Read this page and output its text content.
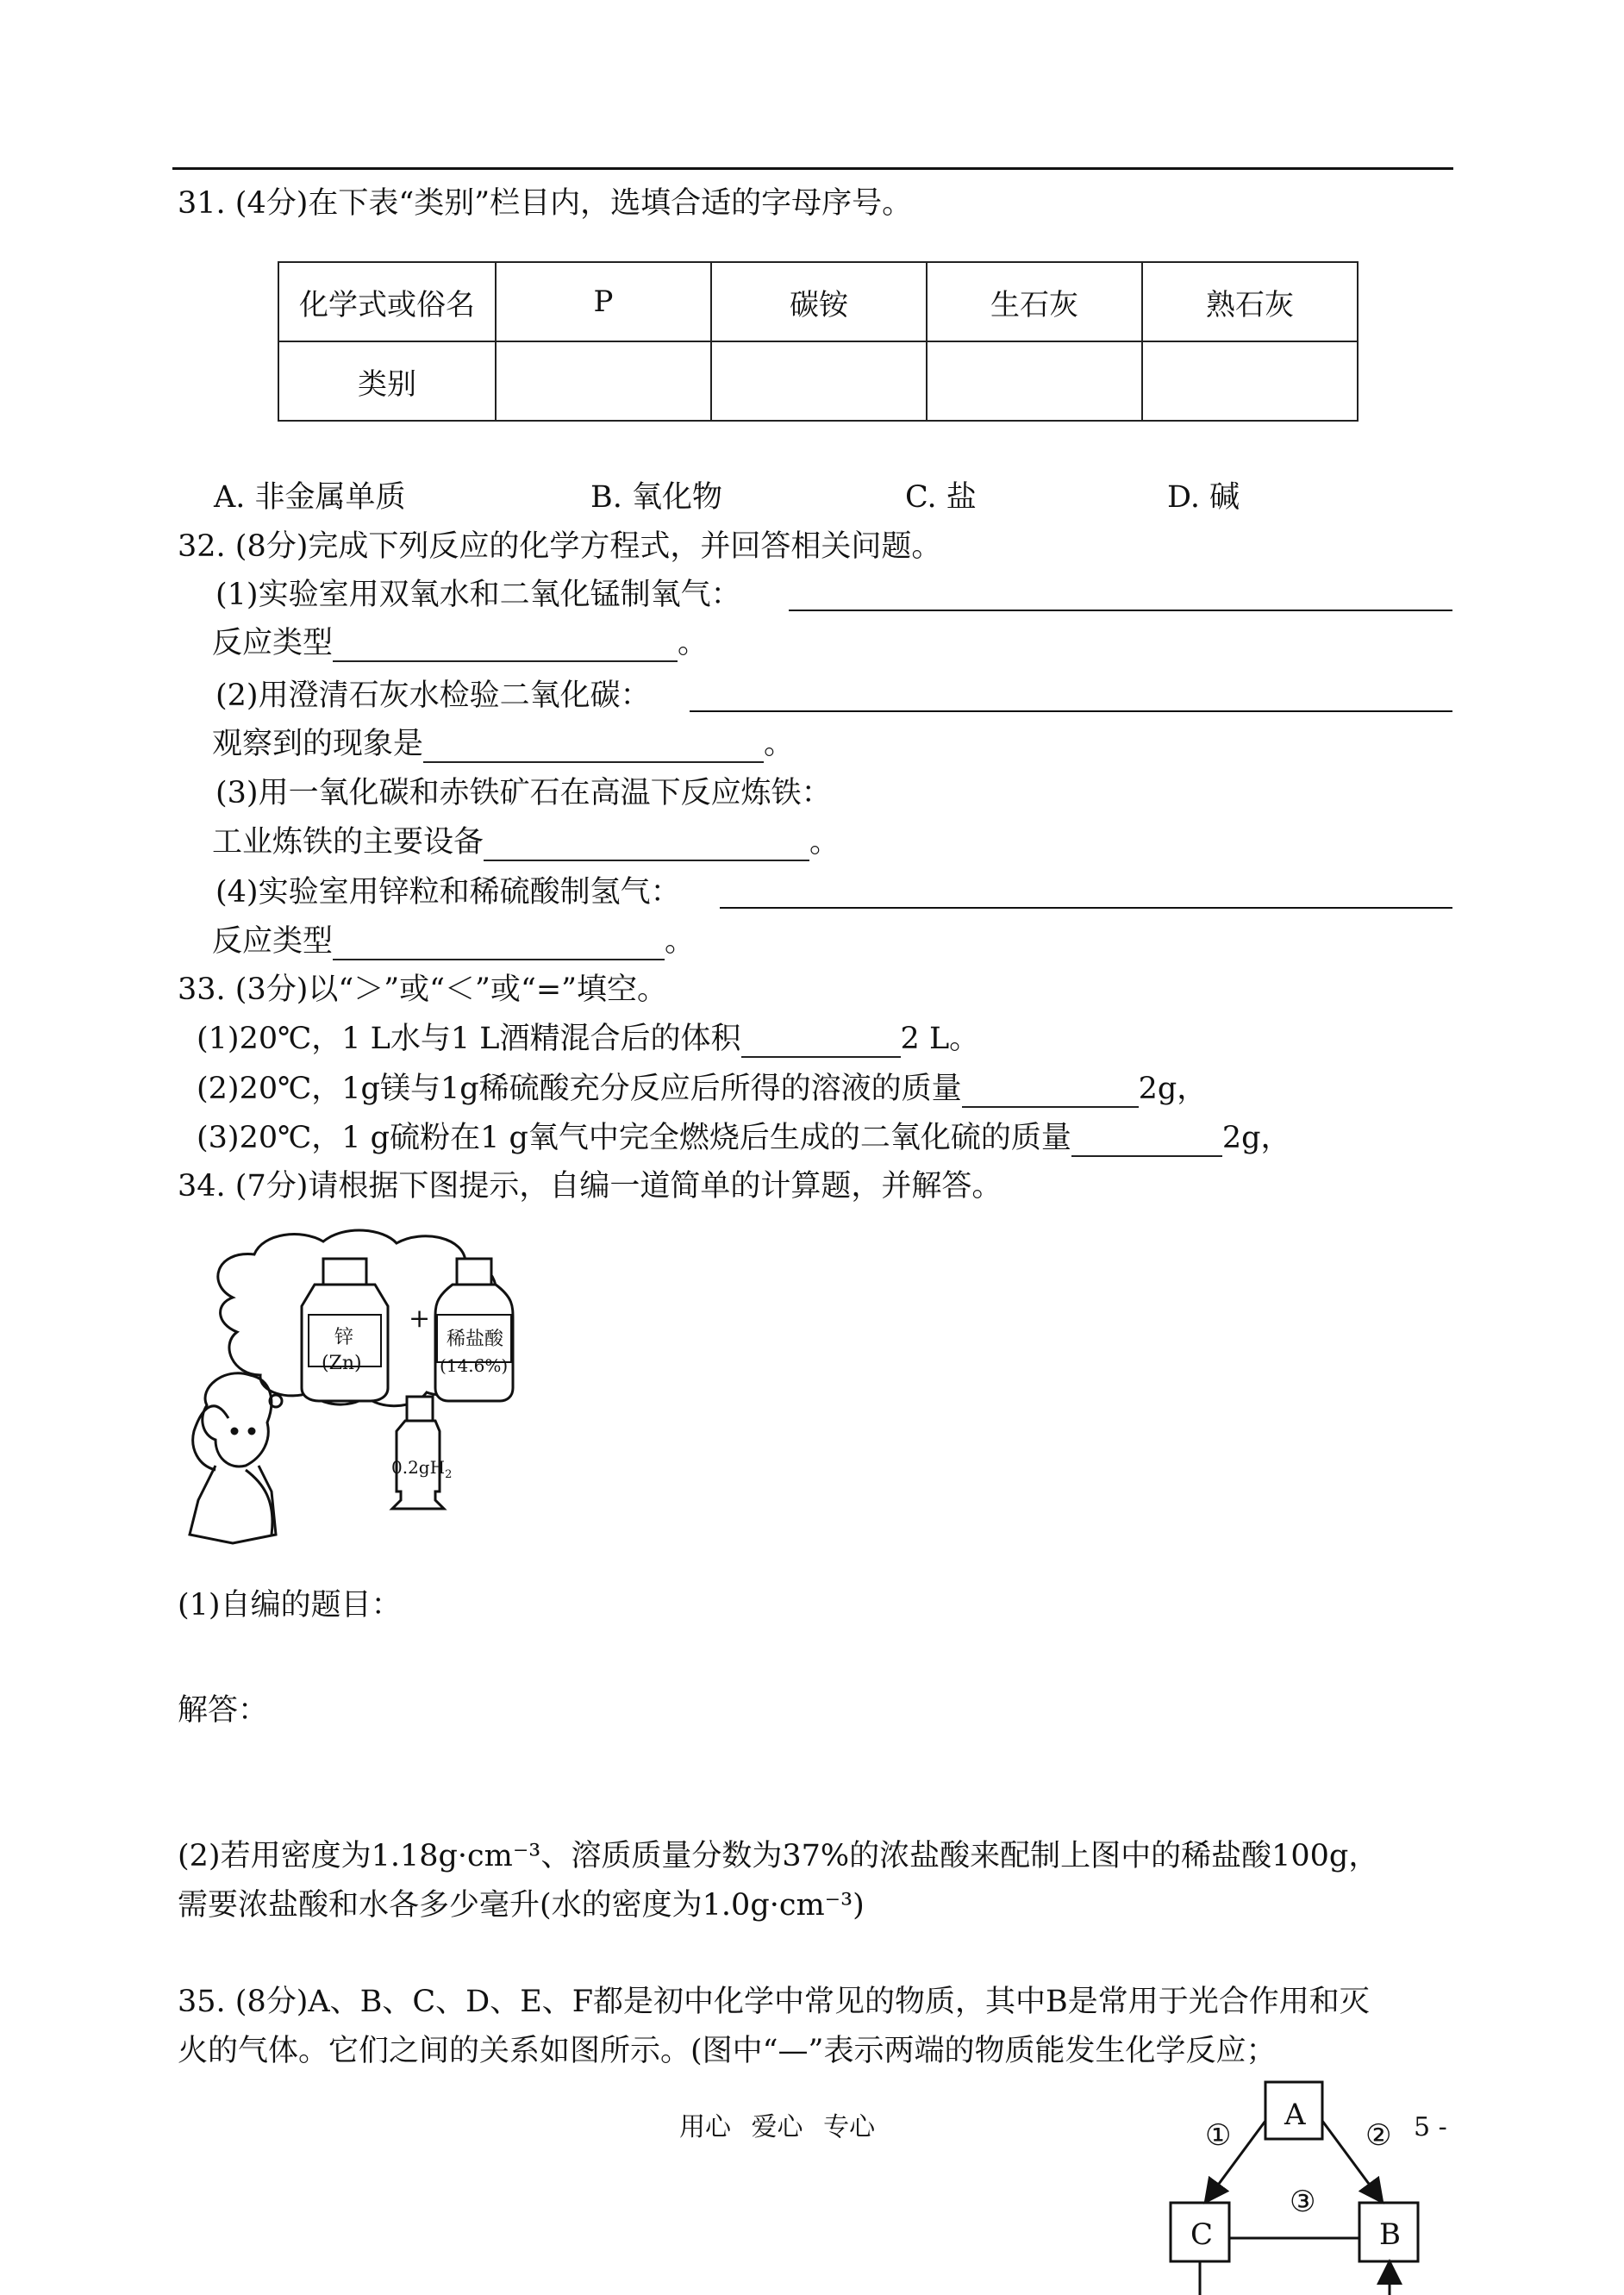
31. (4分)在下表“类别”栏目内，选填合适的字母序号。
化学式或俗名	P	碳铵	生石灰	熟石灰
类别				
A. 非金属单质	B. 氧化物	C. 盐	D. 碱
32. (8分)完成下列反应的化学方程式，并回答相关问题。
(1)实验室用双氧水和二氧化锰制氧气：
反应类型	。
(2)用澄清石灰水检验二氧化碳：
观察到的现象是	。
(3)用一氧化碳和赤铁矿石在高温下反应炼铁：
工业炼铁的主要设备	。
(4)实验室用锌粒和稀硫酸制氢气：
反应类型	。
33. (3分)以“＞”或“＜”或“=”填空。
(1)20℃，1 L水与1 L酒精混合后的体积	2 L。
(2)20℃，1g镁与1g稀硫酸充分反应后所得的溶液的质量	2g，
(3)20℃，1 g硫粉在1 g氧气中完全燃烧后生成的二氧化硫的质量	2g，
34. (7分)请根据下图提示，自编一道简单的计算题，并解答。
锌
(Zn)
+
稀盐酸
(14.6%)
$0.2gH_2$
(1)自编的题目：
解答：
(2)若用密度为1.18g·cm⁻³、溶质质量分数为37%的浓盐酸来配制上图中的稀盐酸100g，
需要浓盐酸和水各多少毫升(水的密度为1.0g·cm⁻³)
35. (8分)A、B、C、D、E、F都是初中化学中常见的物质，其中B是常用于光合作用和灭
火的气体。它们之间的关系如图所示。(图中“—”表示两端的物质能发生化学反应；
用心 爱心 专心	5 -
A
C	B
①	②
③
